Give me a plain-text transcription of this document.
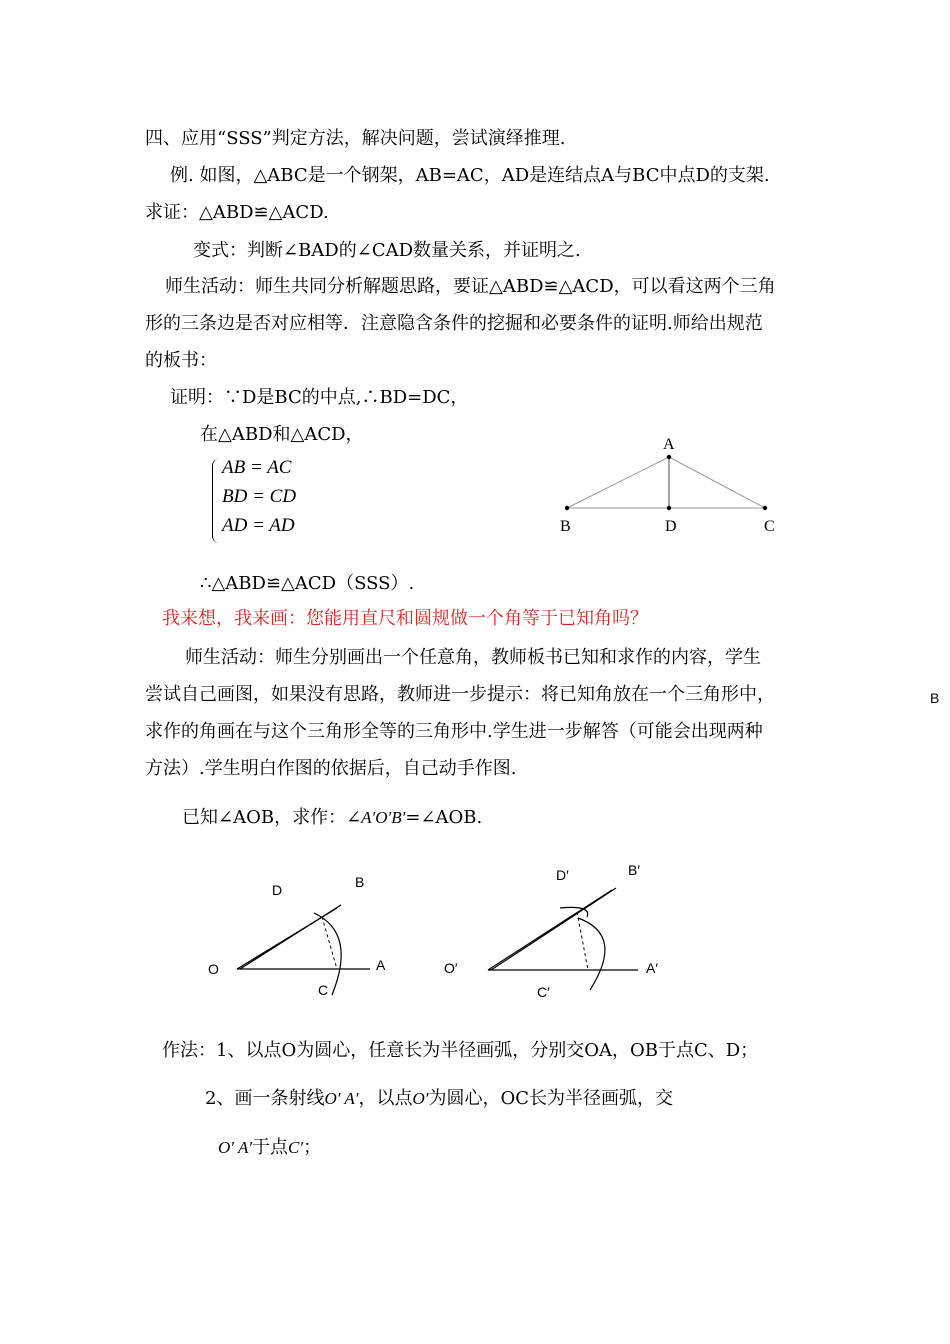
四、应用“SSS”判定方法，解决问题，尝试演绎推理.
例. 如图，△ABC是一个钢架，AB=AC，AD是连结点A与BC中点D的支架.
求证：△ABD≌△ACD.
变式：判断∠BAD的∠CAD数量关系，并证明之.
师生活动：师生共同分析解题思路，要证△ABD≌△ACD，可以看这两个三角
形的三条边是否对应相等．注意隐含条件的挖掘和必要条件的证明.师给出规范
的板书：
证明：∵D是BC的中点,∴BD=DC，
在△ABD和△ACD，
AB = AC
BD = CD
AD = AD
A
B	D	C
∴△ABD≌△ACD（SSS）.
我来想，我来画：您能用直尺和圆规做一个角等于已知角吗？
师生活动：师生分别画出一个任意角，教师板书已知和求作的内容，学生
尝试自己画图，如果没有思路，教师进一步提示：将已知角放在一个三角形中，
求作的角画在与这个三角形全等的三角形中.学生进一步解答（可能会出现两种
方法）.学生明白作图的依据后，自己动手作图.
B
已知∠AOB，求作：∠A′O′B′=∠AOB.
O	A
B
C
D
O′	A′
B′
C′
D′
作法：1、以点O为圆心，任意长为半径画弧，分别交OA，OB于点C、D；
2、画一条射线O′ A′，以点O′为圆心，OC长为半径画弧，交
O′ A′于点C′；
